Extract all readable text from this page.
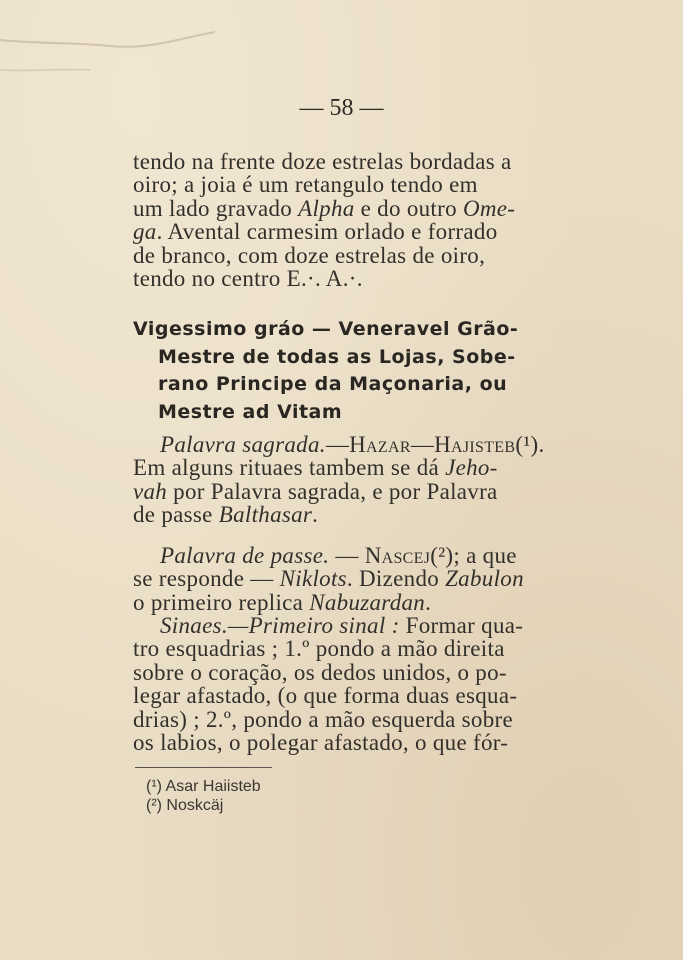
— 58 —

tendo na frente doze estrelas bordadas a
oiro; a joia é um retangulo tendo em
um lado gravado Alpha e do outro Ome-
ga. Avental carmesim orlado e forrado
de branco, com doze estrelas de oiro,
tendo no centro E.·. A.·.

Vigessimo gráo — Veneravel Grão-
Mestre de todas as Lojas, Sobe-
rano Principe da Maçonaria, ou
Mestre ad Vitam

Palavra sagrada.—Hazar—Hajisteb(¹).
Em alguns rituaes tambem se dá Jeho-
vah por Palavra sagrada, e por Palavra
de passe Balthasar.

Palavra de passe. — Nascej(²); a que
se responde — Niklots. Dizendo Zabulon
o primeiro replica Nabuzardan.

Sinaes.—Primeiro sinal : Formar qua-
tro esquadrias ; 1.º pondo a mão direita
sobre o coração, os dedos unidos, o po-
legar afastado, (o que forma duas esqua-
drias) ; 2.º, pondo a mão esquerda sobre
os labios, o polegar afastado, o que fór-

(¹) Asar Haiisteb
(²) Noskcäj
